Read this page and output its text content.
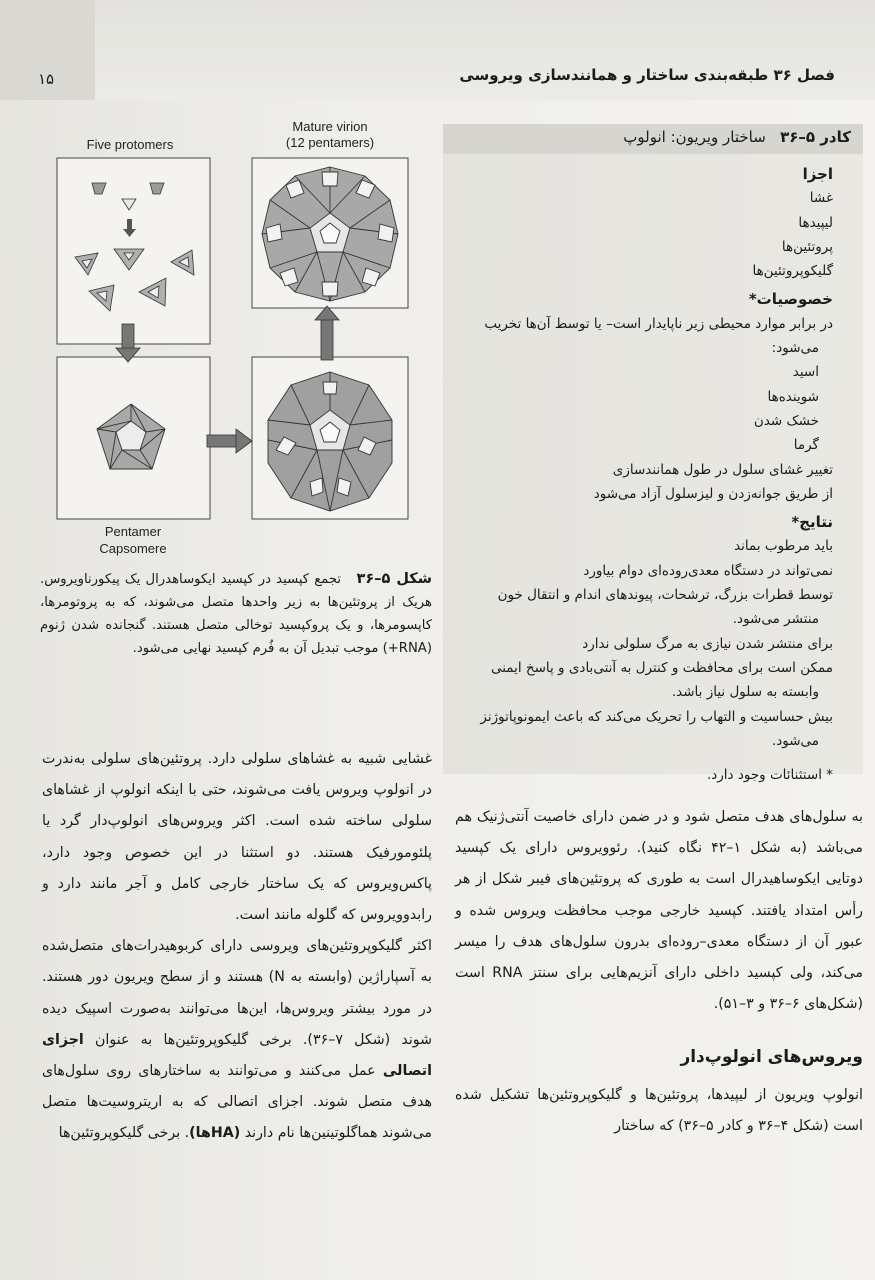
۱۵	فصل ۳۶ طبقه‌بندی ساختار و همانندسازی ویروسی
Five protomers
Mature virion
(12 pentamers)
Pentamer
Capsomere
شکل ۵–۳۶   تجمع کپسید در کپسید ایکوساهدرال یک پیکورناویروس. هریک از پروتئین‌ها به زیر واحدها متصل می‌شوند، که به پروتومرها، کاپسومرها، و یک پروکپسید توخالی متصل هستند. گنجانده شدن ژنوم (RNA+) موجب تبدیل آن به فُرم کپسید نهایی می‌شود.
کادر ۵–۳۶   ساختار ویریون: انولوپ
اجزا
غشا
لیپیدها
پروتئین‌ها
گلیکوپروتئین‌ها
خصوصیات*
در برابر موارد محیطی زیر ناپایدار است– یا توسط آن‌ها تخریب
می‌شود:
اسید
شوینده‌ها
خشک شدن
گرما
تغییر غشای سلول در طول همانندسازی
از طریق جوانه‌زدن و لیزسلول آزاد می‌شود
نتایج*
باید مرطوب بماند
نمی‌تواند در دستگاه معدی‌روده‌ای دوام بیاورد
توسط قطرات بزرگ، ترشحات، پیوندهای اندام و انتقال خون
منتشر می‌شود.
برای منتشر شدن نیازی به مرگ سلولی ندارد
ممکن است برای محافظت و کنترل به آنتی‌بادی و پاسخ ایمنی
وابسته به سلول نیاز باشد.
بیش حساسیت و التهاب را تحریک می‌کند که باعث ایمونوپاتوژنز
می‌شود.
* استثنائات وجود دارد.

به سلول‌های هدف متصل شود و در ضمن دارای خاصیت آنتی‌ژنیک هم می‌باشد (به شکل ۱–۴۲ نگاه کنید). رئوویروس دارای یک کپسید دوتایی ایکوساهیدرال است به طوری که پروتئین‌های فیبر شکل از هر رأس امتداد یافتند. کپسید خارجی موجب محافظت ویروس شده و عبور آن از دستگاه معدی–روده‌ای بدرون سلول‌های هدف را میسر می‌کند، ولی کپسید داخلی دارای آنزیم‌هایی برای سنتز RNA است (شکل‌های ۶–۳۶ و ۳–۵۱).

ویروس‌های انولوپ‌دار

انولوپ ویریون از لیپیدها، پروتئین‌ها و گلیکوپروتئین‌ها تشکیل شده است (شکل ۴–۳۶ و کادر ۵–۳۶) که ساختار

غشایی شبیه به غشاهای سلولی دارد. پروتئین‌های سلولی به‌ندرت در انولوپ ویروس یافت می‌شوند، حتی با اینکه انولوپ از غشاهای سلولی ساخته شده است. اکثر ویروس‌های انولوپ‌دار گرد یا پلئومورفیک هستند. دو استثنا در این خصوص وجود دارد، پاکس‌ویروس که یک ساختار خارجی کامل و آجر مانند دارد و رابدوویروس که گلوله مانند است.

اکثر گلیکوپروتئین‌های ویروسی دارای کربوهیدرات‌های متصل‌شده به آسپاراژین (وابسته به N) هستند و از سطح ویریون دور هستند. در مورد بیشتر ویروس‌ها، این‌ها می‌توانند به‌صورت اسپیک دیده شوند (شکل ۷–۳۶). برخی گلیکوپروتئین‌ها به عنوان اجزای اتصالی عمل می‌کنند و می‌توانند به ساختارهای روی سلول‌های هدف متصل شوند. اجزای اتصالی که به اریتروسیت‌ها متصل می‌شوند هماگلوتینین‌ها نام دارند (HAها). برخی گلیکوپروتئین‌ها
